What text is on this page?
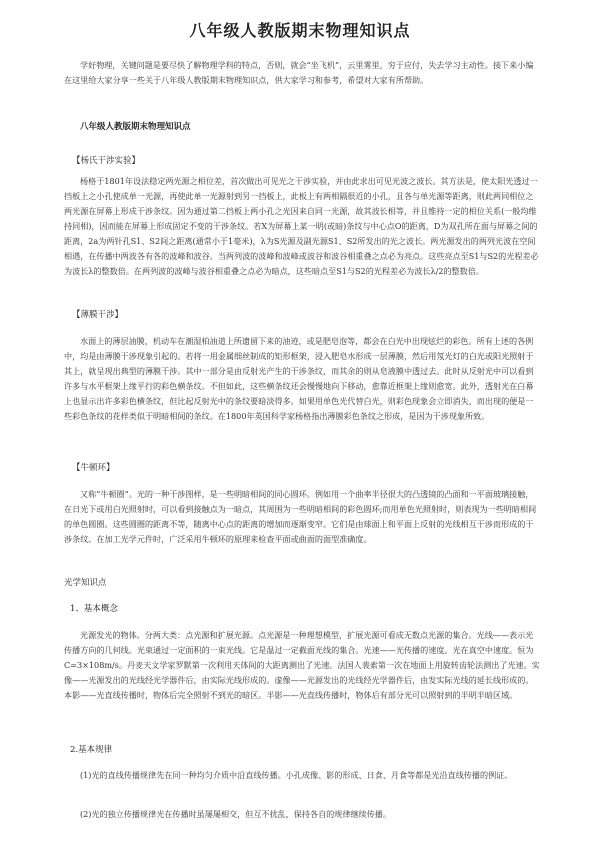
八年级人教版期末物理知识点

学好物理，关键问题是要尽快了解物理学科的特点，否则，就会“坐飞机”，云里雾里，穷于应付，失去学习主动性。接下来小编在这里给大家分享一些关于八年级人教版期末物理知识点，供大家学习和参考，希望对大家有所帮助。

八年级人教版期末物理知识点
【杨氏干涉实验】

杨格于1801年设法稳定两光源之相位差，首次做出可见光之干涉实验，并由此求出可见光波之波长。其方法是，使太阳光透过一挡板上之小孔使成单一光源，再使此单一光源射到另一挡板上，此板上有两相隔很近的小孔，且各与单光源等距离，则此两同相位之两光源在屏幕上形成干涉条纹。因为通过第二挡板上两小孔之光因来自同一光源，故其波长相等，并且维持一定的相位关系(一般均维持同相)，因而能在屏幕上形成固定不变的干涉条纹。若X为屏幕上某一明(或暗)条纹与中心点O的距离，D为双孔所在面与屏幕之间的距离，2a为两针孔S1、S2间之距离(通常小于1毫米)，λ为S光源及副光源S1、S2所发出的光之波长。两光源发出的两列光波在空间相遇，在传播中两波各有各的波峰和波谷。当两列波的波峰和波峰或波谷和波谷相重叠之点必为亮点。这些亮点至S1与S2的光程差必为波长λ的整数倍。在两列波的波峰与波谷相重叠之点必为暗点，这些暗点至S1与S2的光程差必为波长λ/2的整数倍。

【薄膜干涉】

水面上的薄层油膜，机动车在潮湿柏油道上所遗留下来的油迹，或是肥皂泡等，都会在白光中出现炫烂的彩色。所有上述的各例中，均是由薄膜干涉现象引起的。若将一用金属细丝制成的矩形框架，浸入肥皂水形成一层薄膜，然后用氖光灯的白光或阳光照射于其上，就呈现出典型的薄膜干涉。其中一部分是由反射光产生的干涉条纹，而其余的则从皂液膜中透过去。此时从反射光中可以看到许多与水平框架上缘平行的彩色横条纹。不但如此，这些横条纹还会慢慢地向下移动，愈靠近框架上缘则愈宽。此外，透射光在白幕上也显示出许多彩色横条纹，但比起反射光中的条纹要暗淡得多。如果用单色光代替白光，则彩色现象会立即消失，而出现的便是一些彩色条纹的花样类似于明暗相间的条纹。在1800年英国科学家杨格指出薄膜彩色条纹之形成，是因为干涉现象所致。

【牛顿环】

又称“牛顿圈”。光的一种干涉图样，是一些明暗相间的同心圆环。例如用一个曲率半径很大的凸透镜的凸面和一平面玻璃接触，在日光下或用白光照射时，可以看到接触点为一暗点，其周围为一些明暗相间的彩色圆环;而用单色光照射时，则表现为一些明暗相间的单色圆圈。这些圆圈的距离不等，随离中心点的距离的增加而逐渐变窄。它们是由球面上和平面上反射的光线相互干涉而形成的干涉条纹。在加工光学元件时，广泛采用牛顿环的原理来检查平面或曲面的面型准确度。

光学知识点
1、基本概念

光源发光的物体。分两大类：点光源和扩展光源。点光源是一种理想模型，扩展光源可看成无数点光源的集合。光线——表示光传播方向的几何线。光束通过一定面积的一束光线。它是温过一定截面光线的集合。光速——光传播的速度。光在真空中速度。恒为C=3×108m/s。丹麦天文学家罗默第一次利用天体间的大距离测出了光速。法国人裴索第一次在地面上用旋转齿轮法测出了光速。实像——光源发出的光线经光学器件后，由实际光线形成的。虚像——光源发出的光线经光学器件后，由发实际光线的延长线形成的。本影——光直线传播时，物体后完全照射不到光的暗区。半影——光直线传播时，物体后有部分光可以照射到的半明半暗区域。

2.基本规律

(1)光的直线传播规律先在同一种均匀介质中沿直线传播。小孔成像、影的形成、日食、月食等都是光沿直线传播的例证。

(2)光的独立传播规律光在传播时虽屡屡相交，但互不扰乱，保持各自的规律继续传播。
